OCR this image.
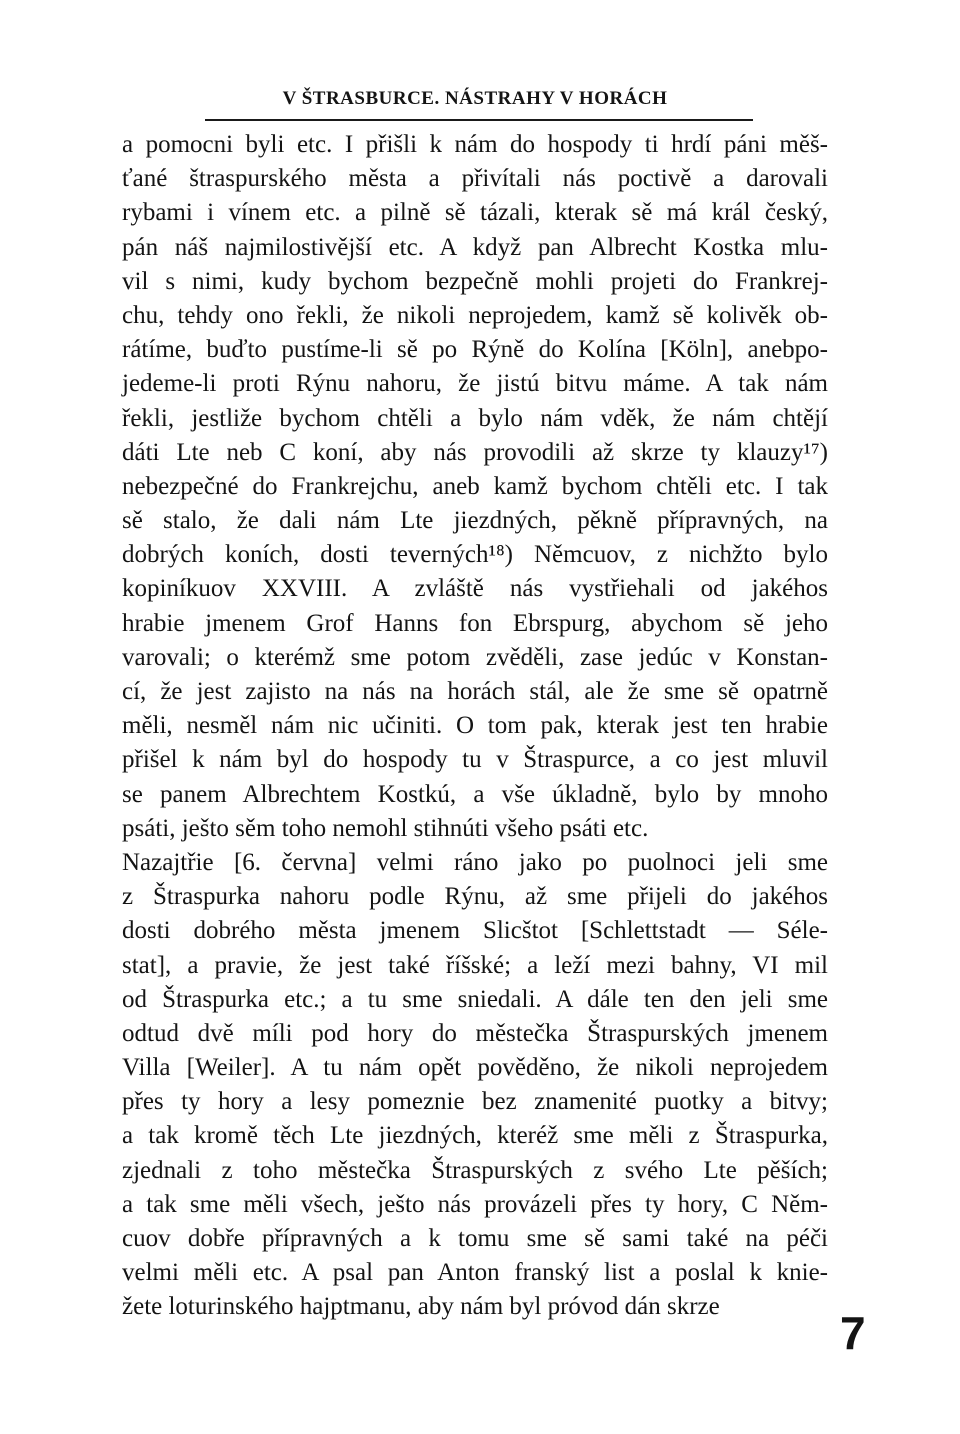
V ŠTRASBURCE. NÁSTRAHY V HORÁCH
a pomocni byli etc. I přišli k nám do hospody ti hrdí páni měš-
ťané štraspurského města a přivítali nás poctivě a darovali
rybami i vínem etc. a pilně sě tázali, kterak sě má král český,
pán náš najmilostivější etc. A když pan Albrecht Kostka mlu-
vil s nimi, kudy bychom bezpečně mohli projeti do Frankrej-
chu, tehdy ono řekli, že nikoli neprojedem, kamž sě kolivěk ob-
rátíme, buďto pustíme-li sě po Rýně do Kolína [Köln], anebpo-
jedeme-li proti Rýnu nahoru, že jistú bitvu máme. A tak nám
řekli, jestliže bychom chtěli a bylo nám vděk, že nám chtějí
dáti Lte neb C koní, aby nás provodili až skrze ty klauzy¹⁷)
nebezpečné do Frankrejchu, aneb kamž bychom chtěli etc. I tak
sě stalo, že dali nám Lte jiezdných, pěkně přípravných, na
dobrých koních, dosti teverných¹⁸) Němcuov, z nichžto bylo
kopiníkuov XXVIII. A zvláště nás vystřiehali od jakéhos
hrabie jmenem Grof Hanns fon Ebrspurg, abychom sě jeho
varovali; o kterémž sme potom zvěděli, zase jedúc v Konstan-
cí, že jest zajisto na nás na horách stál, ale že sme sě opatrně
měli, nesměl nám nic učiniti. O tom pak, kterak jest ten hrabie
přišel k nám byl do hospody tu v Štraspurce, a co jest mluvil
se panem Albrechtem Kostkú, a vše úkladně, bylo by mnoho
psáti, ješto sěm toho nemohl stihnúti všeho psáti etc.
Nazajtřie [6. června] velmi ráno jako po puolnoci jeli sme
z Štraspurka nahoru podle Rýnu, až sme přijeli do jakéhos
dosti dobrého města jmenem Slicštot [Schlettstadt — Séle-
stat], a pravie, že jest také říšské; a leží mezi bahny, VI mil
od Štraspurka etc.; a tu sme sniedali. A dále ten den jeli sme
odtud dvě míli pod hory do městečka Štraspurských jmenem
Villa [Weiler]. A tu nám opět pověděno, že nikoli neprojedem
přes ty hory a lesy pomeznie bez znamenité puotky a bitvy;
a tak kromě těch Lte jiezdných, kteréž sme měli z Štraspurka,
zjednali z toho městečka Štraspurských z svého Lte pěších;
a tak sme měli všech, ješto nás provázeli přes ty hory, C Něm-
cuov dobře přípravných a k tomu sme sě sami také na péči
velmi měli etc. A psal pan Anton franský list a poslal k knie-
žete loturinského hajptmanu, aby nám byl próvod dán skrze
7
